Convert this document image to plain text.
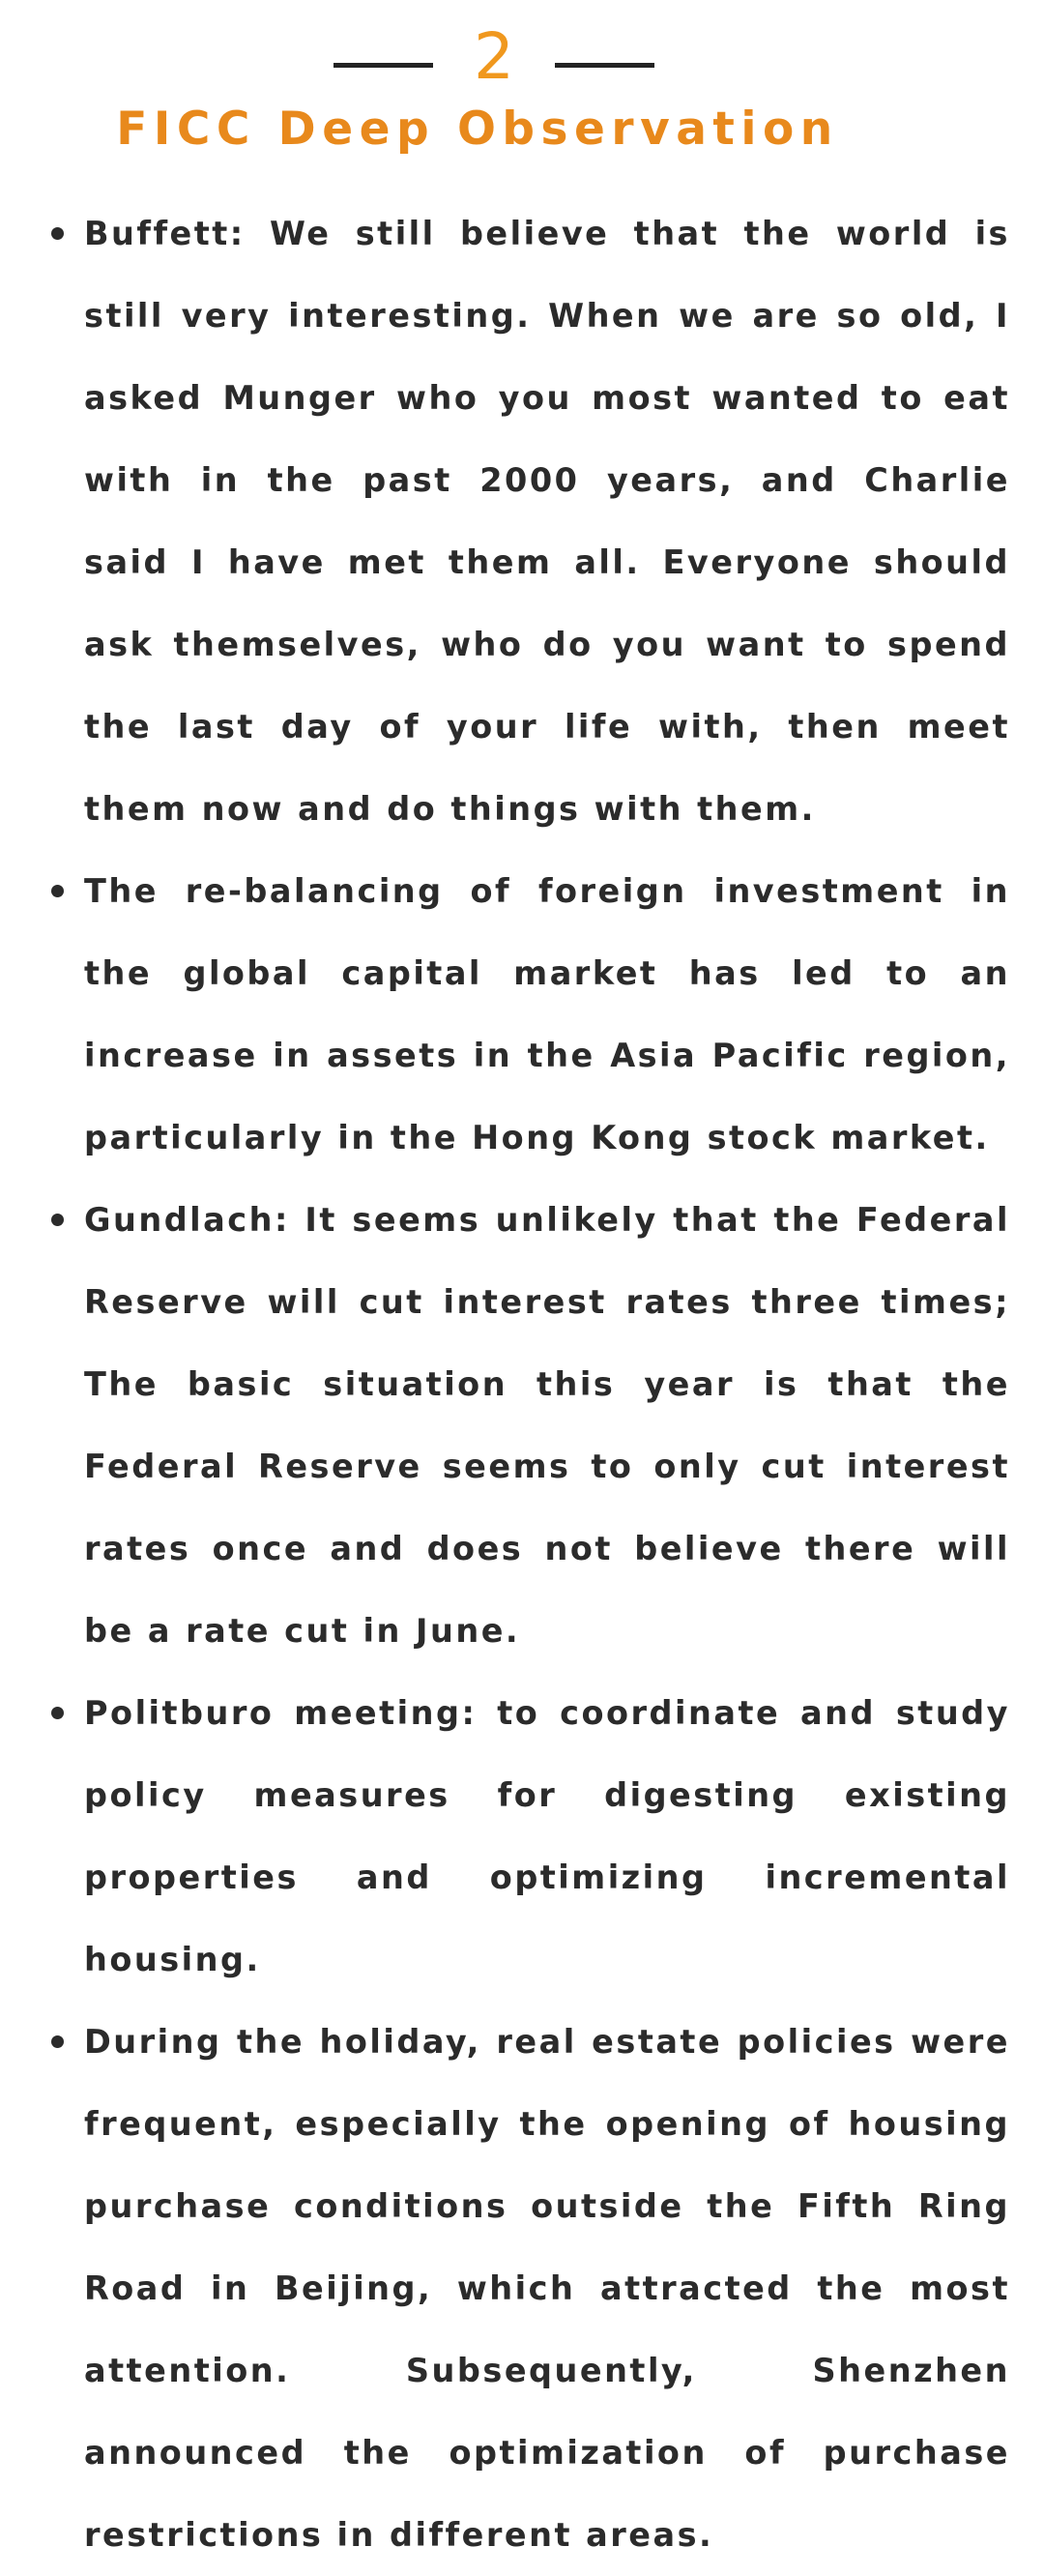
2
FICC Deep Observation
Buffett: We still believe that the world is still very interesting. When we are so old, I asked Munger who you most wanted to eat with in the past 2000 years, and Charlie said I have met them all. Everyone should ask themselves, who do you want to spend the last day of your life with, then meet them now and do things with them.
The re-balancing of foreign investment in the global capital market has led to an increase in assets in the Asia Pacific region, particularly in the Hong Kong stock market.
Gundlach: It seems unlikely that the Federal Reserve will cut interest rates three times; The basic situation this year is that the Federal Reserve seems to only cut interest rates once and does not believe there will be a rate cut in June.
Politburo meeting: to coordinate and study policy measures for digesting existing properties and optimizing incremental housing.
During the holiday, real estate policies were frequent, especially the opening of housing purchase conditions outside the Fifth Ring Road in Beijing, which attracted the most attention. Subsequently, Shenzhen announced the optimization of purchase restrictions in different areas.
